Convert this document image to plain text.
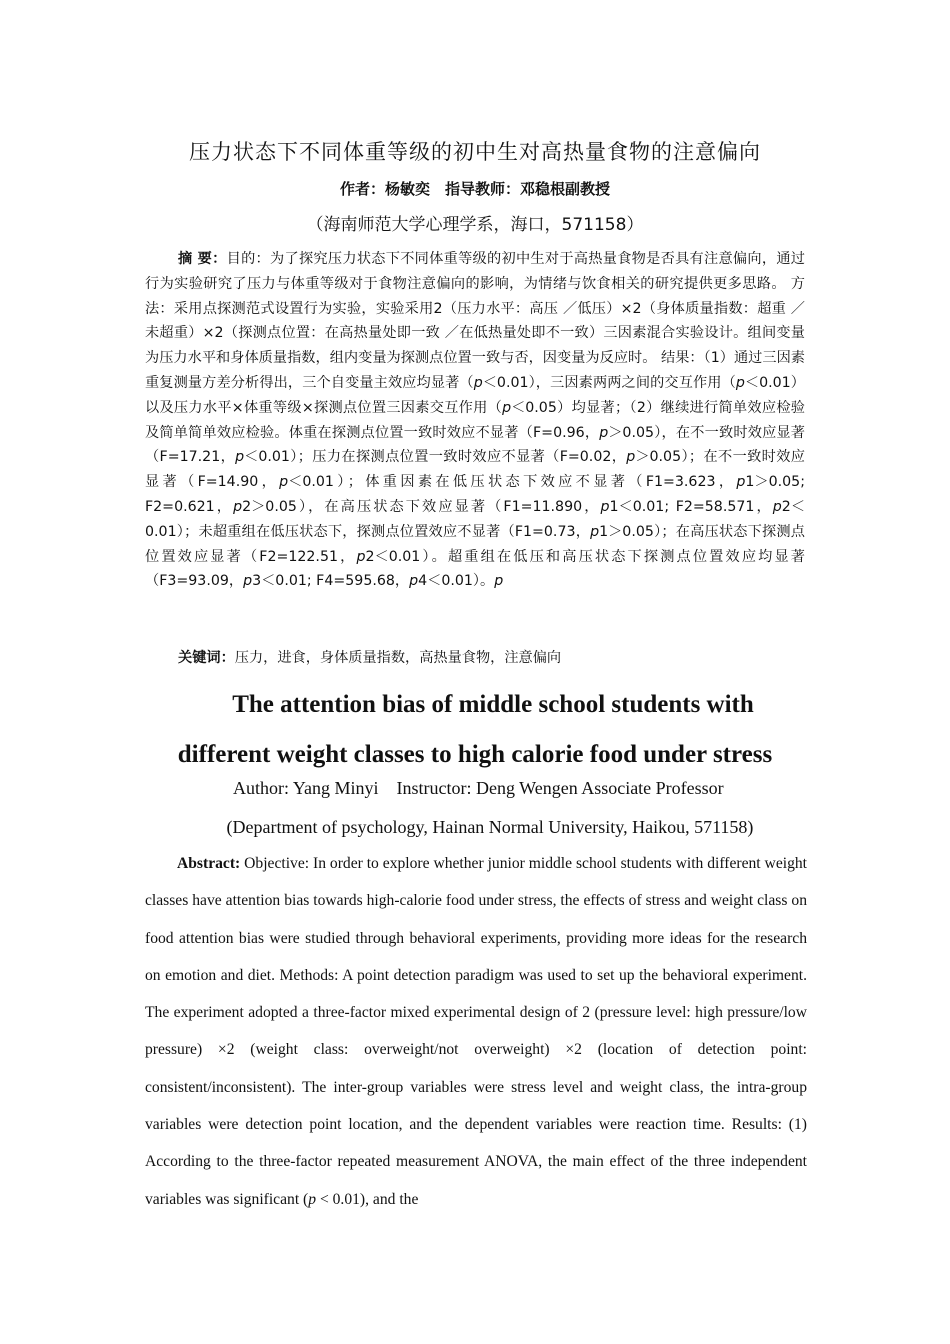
压力状态下不同体重等级的初中生对高热量食物的注意偏向
作者：杨敏奕　指导教师：邓稳根副教授
（海南师范大学心理学系，海口，571158）

摘 要：目的：为了探究压力状态下不同体重等级的初中生对于高热量食物是否具有注意偏向，通过行为实验研究了压力与体重等级对于食物注意偏向的影响，为情绪与饮食相关的研究提供更多思路。 方法：采用点探测范式设置行为实验，实验采用2（压力水平：高压 ／低压）×2（身体质量指数：超重 ／未超重）×2（探测点位置：在高热量处即一致 ／在低热量处即不一致）三因素混合实验设计。组间变量为压力水平和身体质量指数，组内变量为探测点位置一致与否，因变量为反应时。 结果：（1）通过三因素重复测量方差分析得出，三个自变量主效应均显著（p＜0.01），三因素两两之间的交互作用（p＜0.01）以及压力水平×体重等级×探测点位置三因素交互作用（p＜0.05）均显著；（2）继续进行简单效应检验及简单简单效应检验。体重在探测点位置一致时效应不显著（F=0.96，p＞0.05），在不一致时效应显著（F=17.21，p＜0.01）；压力在探测点位置一致时效应不显著（F=0.02，p＞0.05）；在不一致时效应显著（F=14.90，p＜0.01）；体重因素在低压状态下效应不显著（F1=3.623，p1＞0.05; F2=0.621，p2＞0.05），在高压状态下效应显著（F1=11.890，p1＜0.01; F2=58.571，p2＜0.01）；未超重组在低压状态下，探测点位置效应不显著（F1=0.73，p1＞0.05）；在高压状态下探测点位置效应显著（F2=122.51，p2＜0.01）。超重组在低压和高压状态下探测点位置效应均显著（F3=93.09，p3＜0.01; F4=595.68，p4＜0.01）。p

关键词：压力，进食，身体质量指数，高热量食物，注意偏向

The attention bias of middle school students with
different weight classes to high calorie food under stress
Author: Yang Minyi    Instructor: Deng Wengen Associate Professor
(Department of psychology, Hainan Normal University, Haikou, 571158)

Abstract: Objective: In order to explore whether junior middle school students with different weight classes have attention bias towards high-calorie food under stress, the effects of stress and weight class on food attention bias were studied through behavioral experiments, providing more ideas for the research on emotion and diet. Methods: A point detection paradigm was used to set up the behavioral experiment. The experiment adopted a three-factor mixed experimental design of 2 (pressure level: high pressure/low pressure) ×2 (weight class: overweight/not overweight) ×2 (location of detection point: consistent/inconsistent). The inter-group variables were stress level and weight class, the intra-group variables were detection point location, and the dependent variables were reaction time. Results: (1) According to the three-factor repeated measurement ANOVA, the main effect of the three independent variables was significant (p < 0.01), and the
